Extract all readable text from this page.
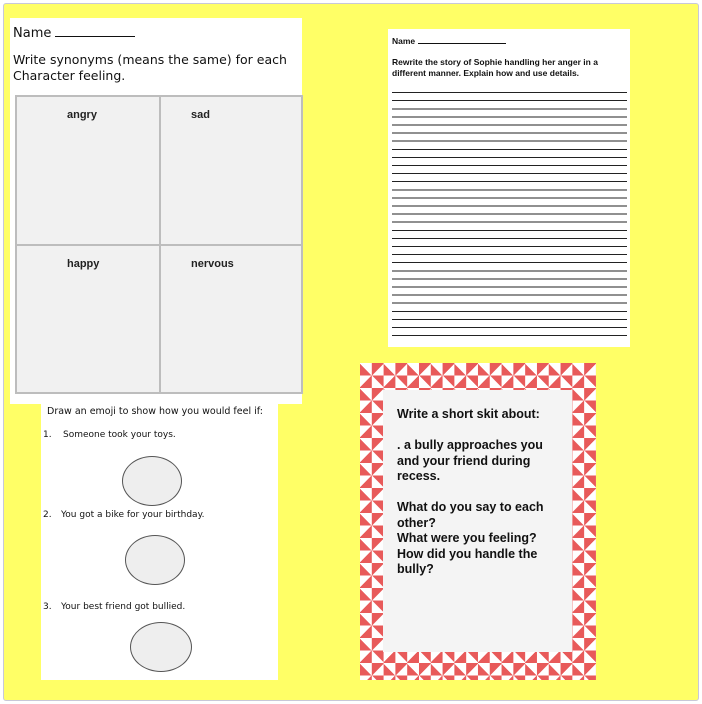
Name
Write synonyms (means the same) for each Character feeling.
angry	sad
happy	nervous
Name
Rewrite the story of Sophie handling her anger in a different manner. Explain how and use details.
Draw an emoji to show how you would feel if:
1. Someone took your toys.
2. You got a bike for your birthday.
3. Your best friend got bullied.

Write a short skit about:

. a bully approaches you and your friend during recess.

What do you say to each other?

What were you feeling?

How did you handle the bully?
